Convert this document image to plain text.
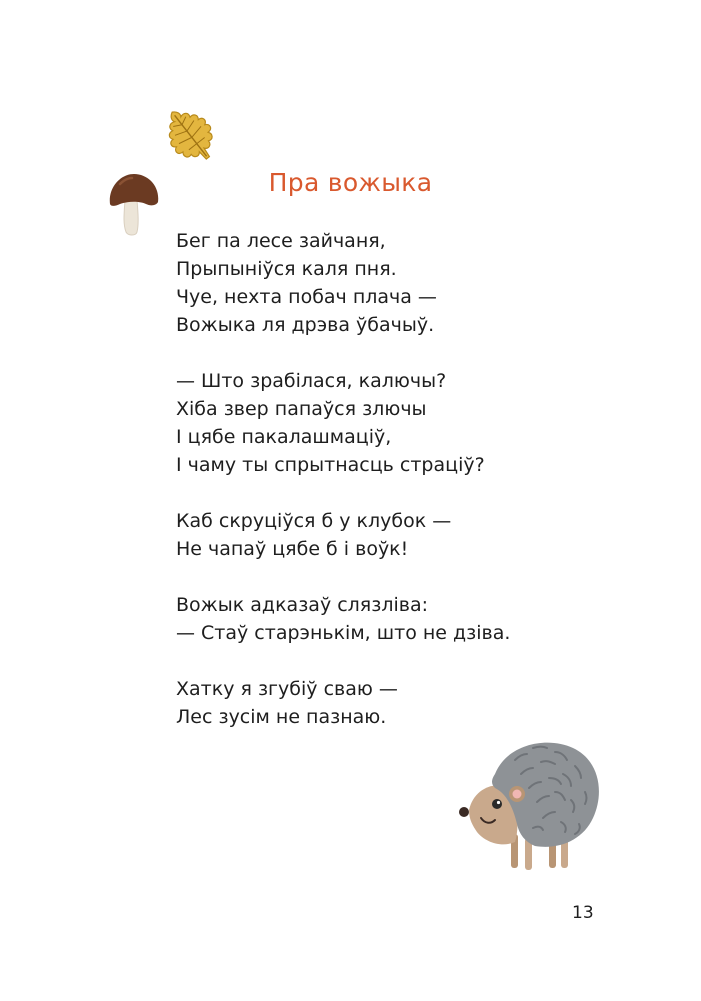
Пра вожыка
Бег па лесе зайчаня,
Прыпыніўся каля пня.
Чуе, нехта побач плача —
Вожыка ля дрэва ўбачыў.
— Што зрабілася, калючы?
Хіба звер папаўся злючы
І цябе пакалашмаціў,
І чаму ты спрытнасць страціў?
Каб скруціўся б у клубок —
Не чапаў цябе б і воўк!
Вожык адказаў слязліва:
— Стаў старэнькім, што не дзіва.
Хатку я згубіў сваю —
Лес зусім не пазнаю.
13
